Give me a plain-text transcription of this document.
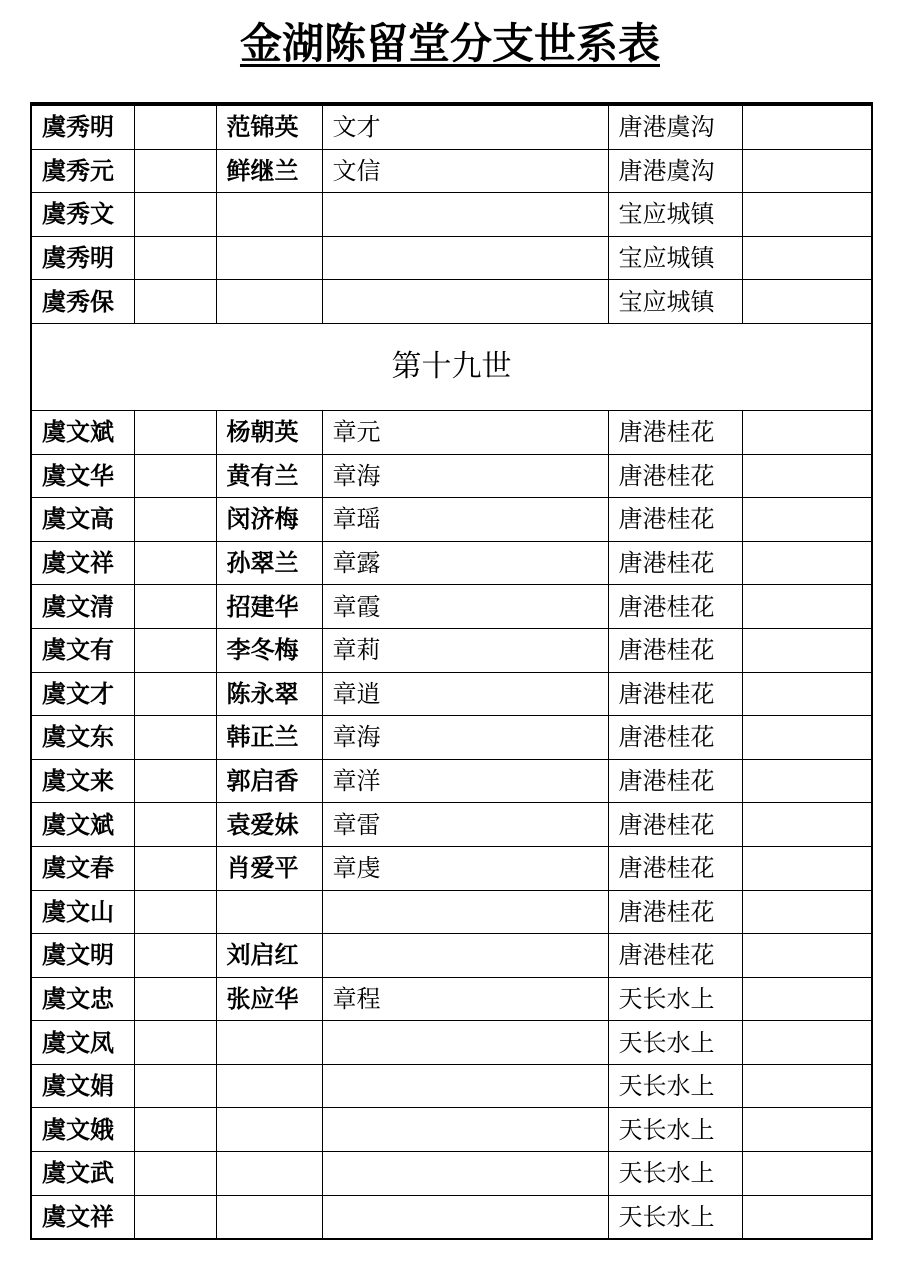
金湖陈留堂分支世系表
虞秀明		范锦英	文才	唐港虞沟	
虞秀元		鲜继兰	文信	唐港虞沟	
虞秀文				宝应城镇	
虞秀明				宝应城镇	
虞秀保				宝应城镇	
第十九世					
虞文斌		杨朝英	章元	唐港桂花	
虞文华		黄有兰	章海	唐港桂花	
虞文高		闵济梅	章瑶	唐港桂花	
虞文祥		孙翠兰	章露	唐港桂花	
虞文清		招建华	章霞	唐港桂花	
虞文有		李冬梅	章莉	唐港桂花	
虞文才		陈永翠	章逍	唐港桂花	
虞文东		韩正兰	章海	唐港桂花	
虞文来		郭启香	章洋	唐港桂花	
虞文斌		袁爱妹	章雷	唐港桂花	
虞文春		肖爱平	章虔	唐港桂花	
虞文山				唐港桂花	
虞文明		刘启红		唐港桂花	
虞文忠		张应华	章程	天长水上	
虞文凤				天长水上	
虞文娟				天长水上	
虞文娥				天长水上	
虞文武				天长水上	
虞文祥				天长水上	
